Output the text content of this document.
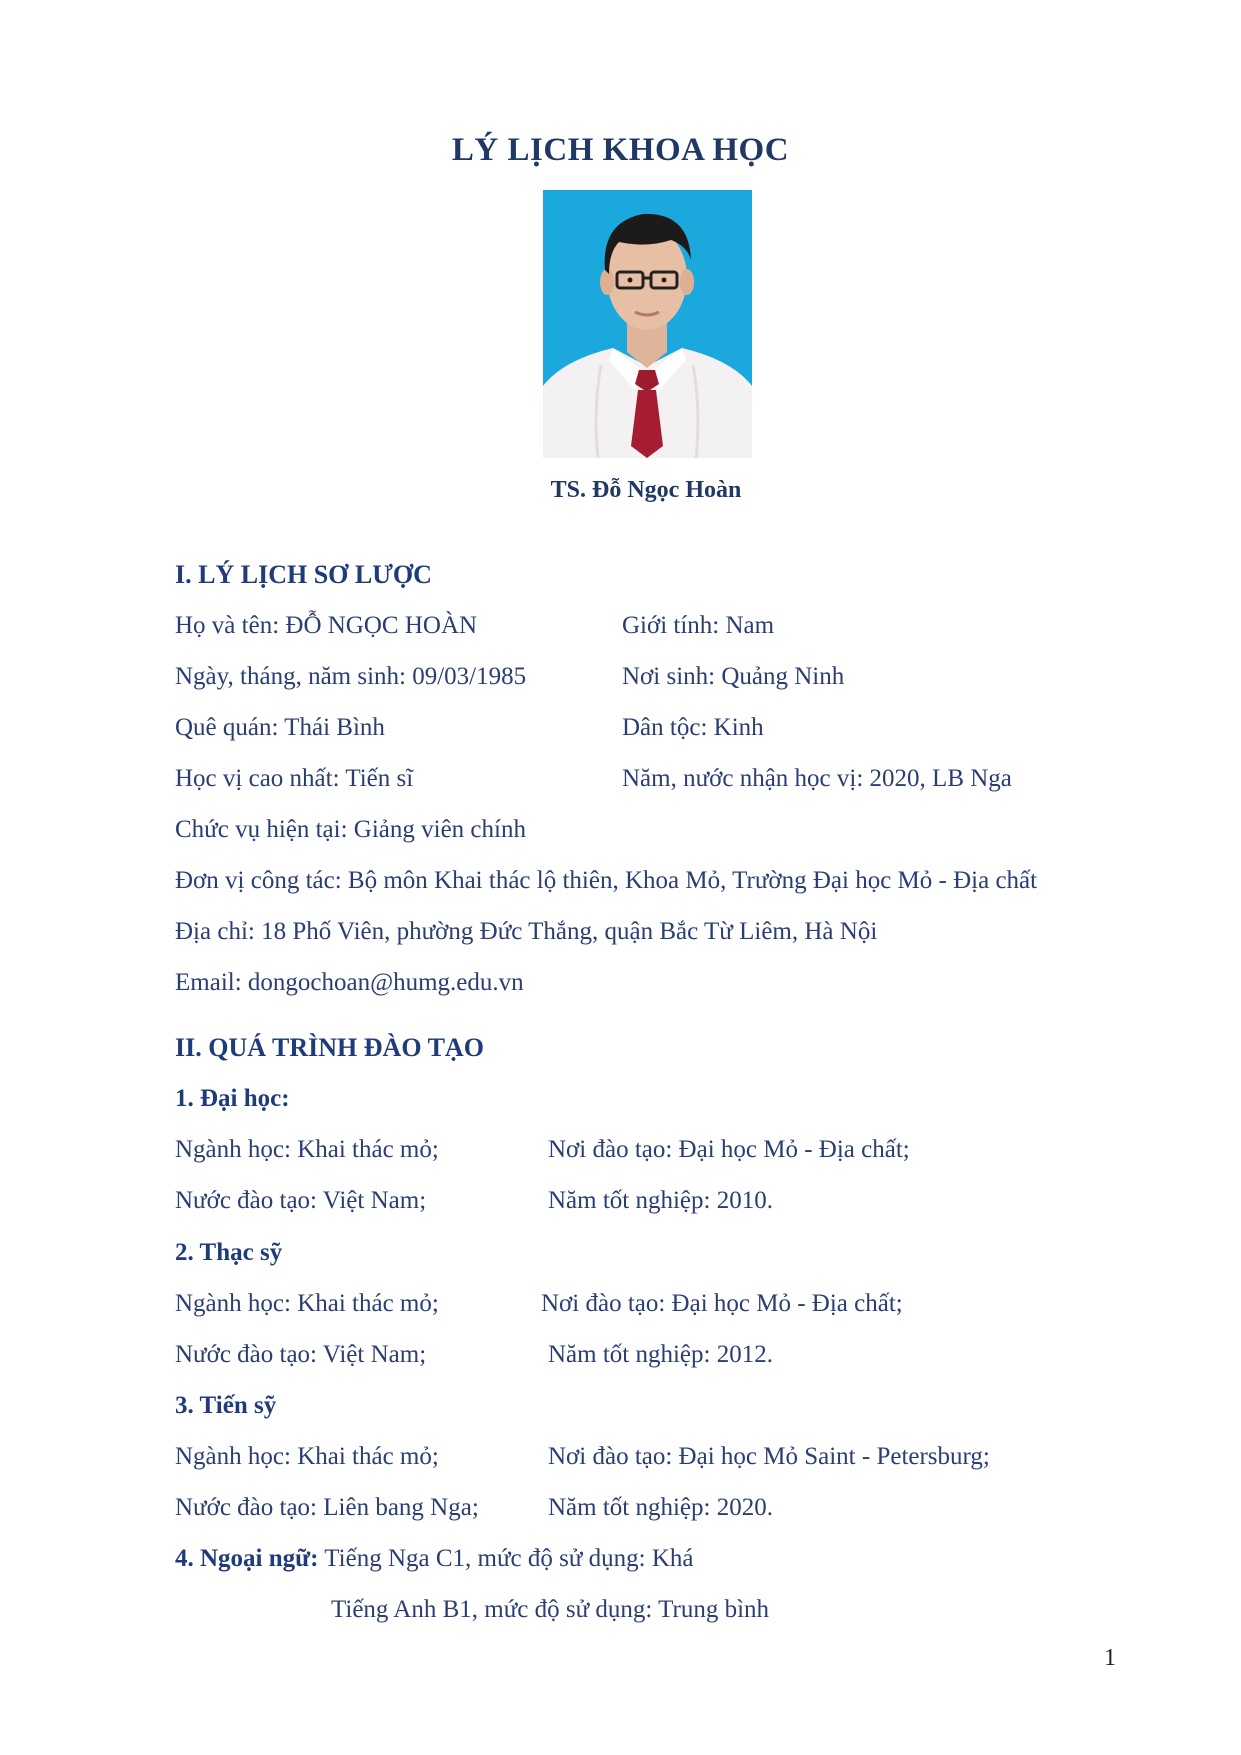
LÝ LỊCH KHOA HỌC
TS. Đỗ Ngọc Hoàn
I. LÝ LỊCH SƠ LƯỢC
Họ và tên: ĐỖ NGỌC HOÀN	Giới tính: Nam
Ngày, tháng, năm sinh: 09/03/1985	Nơi sinh: Quảng Ninh
Quê quán: Thái Bình	Dân tộc: Kinh
Học vị cao nhất: Tiến sĩ	Năm, nước nhận học vị: 2020, LB Nga
Chức vụ hiện tại: Giảng viên chính
Đơn vị công tác: Bộ môn Khai thác lộ thiên, Khoa Mỏ, Trường Đại học Mỏ - Địa chất
Địa chỉ: 18 Phố Viên, phường Đức Thắng, quận Bắc Từ Liêm, Hà Nội
Email: dongochoan@humg.edu.vn
II. QUÁ TRÌNH ĐÀO TẠO
1. Đại học:
Ngành học: Khai thác mỏ;	Nơi đào tạo: Đại học Mỏ - Địa chất;
Nước đào tạo: Việt Nam;	Năm tốt nghiệp: 2010.
2. Thạc sỹ
Ngành học: Khai thác mỏ;	Nơi đào tạo: Đại học Mỏ - Địa chất;
Nước đào tạo: Việt Nam;	Năm tốt nghiệp: 2012.
3. Tiến sỹ
Ngành học: Khai thác mỏ;	Nơi đào tạo: Đại học Mỏ Saint - Petersburg;
Nước đào tạo: Liên bang Nga;	Năm tốt nghiệp: 2020.
4. Ngoại ngữ: Tiếng Nga C1, mức độ sử dụng: Khá
Tiếng Anh B1, mức độ sử dụng: Trung bình
1
